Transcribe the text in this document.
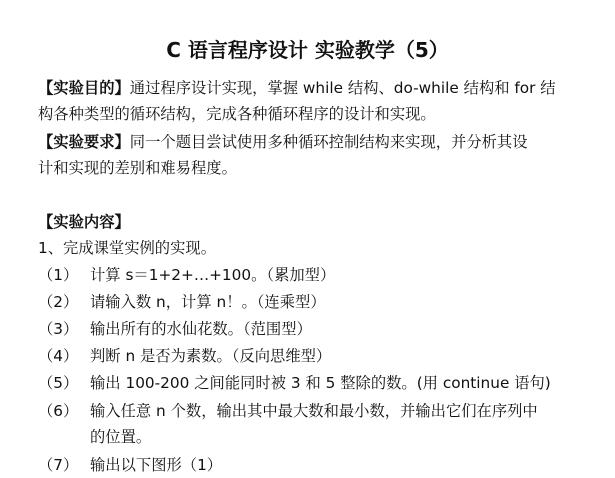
C 语言程序设计 实验教学（5）
【实验目的】通过程序设计实现，掌握 while 结构、do-while 结构和 for 结
构各种类型的循环结构，完成各种循环程序的设计和实现。
【实验要求】同一个题目尝试使用多种循环控制结构来实现，并分析其设
计和实现的差别和难易程度。
【实验内容】
1、完成课堂实例的实现。
（1） 计算 s＝1+2+…+100。（累加型）
（2） 请输入数 n，计算 n！。（连乘型）
（3） 输出所有的水仙花数。（范围型）
（4） 判断 n 是否为素数。（反向思维型）
（5） 输出 100-200 之间能同时被 3 和 5 整除的数。(用 continue 语句)
（6） 输入任意 n 个数，输出其中最大数和最小数，并输出它们在序列中
的位置。
（7） 输出以下图形（1）
